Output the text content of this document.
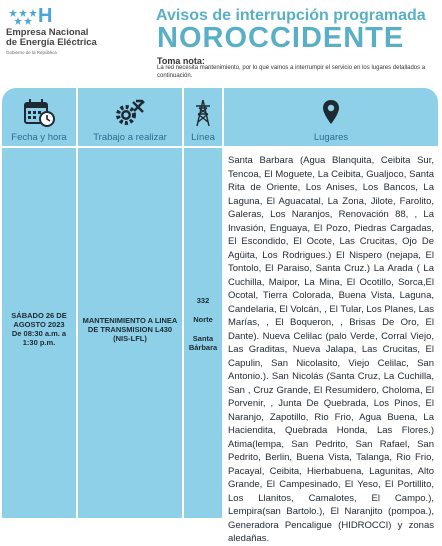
H
Empresa Nacional
de Energía Eléctrica
Gobierno de la República
Avisos de interrupción programada
NOROCCIDENTE
Toma nota:
La red necesita mantenimiento, por lo que vamos a interrumpir el servicio en los lugares detallados a continuación.
Fecha y hora
SÁBADO 26 DE
AGOSTO 2023
De 08:30 a.m. a
1:30 p.m.
Trabajo a realizar
MANTENIMIENTO A LINEA
DE TRANSMISION L430
(NIS-LFL)
Línea
332
Norte
Santa
Bárbara
Lugares
Santa Barbara (Agua Blanquita, Ceibita Sur, Tencoa, El Moguete, La Ceibita, Gualjoco, Santa Rita de Oriente, Los Anises, Los Bancos, La Laguna, El Aguacatal, La Zona, Jilote, Farolito, Galeras, Los Naranjos, Renovación 88, , La Invasión, Enguaya, El Pozo, Piedras Cargadas, El Escondido, El Ocote, Las Crucitas, Ojo De Agüita, Los Rodrigues.) El Nispero (nejapa, El Tontolo, El Paraiso, Santa Cruz.) La Arada ( La Cuchilla, Maipor, La Mina, El Ocotillo, Sorca,El Ocotal, Tierra Colorada, Buena Vista, Laguna, Candelaria, El Volcán, , El Tular, Los Planes, Las Marías, , El Boqueron, , Brisas De Oro, El Dante). Nueva Celilac (palo Verde, Corral Viejo, Las Graditas, Nueva Jalapa, Las Crucitas, El Capulin, San Nicolasito, Viejo Celilac, San Antonio.). San Nicolás (Santa Cruz, La Cuchilla, San , Cruz Grande, El Resumidero, Choloma, El Porvenir, , Junta De Quebrada, Los Pinos, El Naranjo, Zapotillo, Rio Frio, Agua Buena, La Haciendita, Quebrada Honda, Las Flores.) Atima(lempa, San Pedrito, San Rafael, San Pedrito, Berlin, Buena Vista, Talanga, Rio Frio, Pacayal, Ceibita, Hierbabuena, Lagunitas, Alto Grande, El Campesinado, El Yeso, El Portillito, Los Llanitos, Camalotes, El Campo.), Lempira(san Bartolo.), El Naranjito (pompoa.), Generadora Pencaligue (HIDROCCI) y zonas aledañas.
